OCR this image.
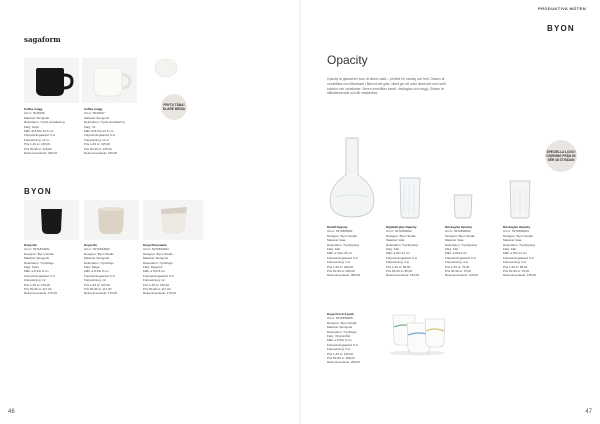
sagaform
PRYTA TÅNA! KLARE MEDIA
Coffee mugg
Art.nr: 5018196
Material: Stengods
Dekoration: Tryck/ emballering
Färg: Svart
Mått: Ø 8,5/H 10,5 cm
Förpackningsantal: 6 st
Förpackning: 12 st
Pris 1-49 st: 135,00
Pris 50-99 st: 125,00
Rekommenderat: 199,00
Coffee mugg
Art.nr: 5018197
Material: Stengods
Dekoration: Tryck/ emballering
Färg: Vit
Mått: Ø 8,5/H 10,5 cm
Förpackningsantal: 6 st
Förpackning: 12 st
Pris 1-49 st: 135,00
Pris 50-99 st: 125,00
Rekommenderat: 199,00
BYON
Kopp Ida
Art.nr: 5271834001
Designer: Byon Studio
Material: Stengods
Dekoration: Tryck/logo
Färg: Svart
Mått: ø 8,3/H 8 cm
Förpackningsantal: 6 st
Förpackning: 12
Pris 1-49 st: 126,00
Pris 50-99 st: 117,00
Rekommenderat: 179,00
Kopp Ida
Art.nr: 5271834002
Designer: Byon Studio
Material: Stengods
Dekoration: Tryck/logo
Färg: Beige
Mått: ø 8,3/H 8 cm
Förpackningsantal: 6 st
Förpackning: 12
Pris 1-49 st: 126,00
Pris 50-99 st: 117,00
Rekommenderat: 179,00
Kopp Rosemarie
Art.nr: 5271834004
Designer: Byon Studio
Material: Stengods
Dekoration: Tryck/logo
Färg: Beige/vit
Mått: ø 9/H 8 cm
Förpackningsantal: 6 st
Förpackning: 12
Pris 1-49 st: 126,00
Pris 50-99 st: 117,00
Rekommenderat: 179,00
46
PRODUKTIVA MÖTEN
BYON
Opacity
Opacity är glasserien som är skönt rustik – perfekt för vardag och fest. Glasen är munblåsta och tillverkade i återvunnet glas, vilket ger ett unikt utseende med små bubblor och variationer. Serien innehåller karaff, dricksglas och mugg. Glasen är välbalanserade och tål maskindisk.
SPECIELLA LOGO! GÖRNING FRÅN 80 SÉR 48 ST/SIDAN
Karaff Opacity
Art.nr: 5271856001
Designer: Byon Studio
Material: Glas
Dekoration: Tryck/gravyr
Färg: Klar
Mått: ø 11/H 26 cm
Förpackningsantal: 6 st
Förpackning: 1 st
Pris 1-49 st: 299,00
Pris 50-99 st: 289,00
Rekommenderat: 399,00
Highball glas Opacity
Art.nr: 5271856002
Designer: Byon Studio
Material: Glas
Dekoration: Tryck/gravyr
Färg: Klar
Mått: ø 8/H 12 cm
Förpackningsantal: 6 st
Förpackning: 4 st
Pris 1-49 st: 89,00
Pris 50-99 st: 85,00
Rekommenderat: 129,00
Dricksglas Opacity
Art.nr: 5271856003
Designer: Byon Studio
Material: Glas
Dekoration: Tryck/gravyr
Färg: Klar
Mått: ø 8/H 9 cm
Förpackningsantal: 6 st
Förpackning: 4 st
Pris 1-49 st: 79,00
Pris 50-99 st: 75,00
Rekommenderat: 119,00
Dricksglas Opacity
Art.nr: 5271856004
Designer: Byon Studio
Material: Glas
Dekoration: Tryck/gravyr
Färg: Klar
Mått: ø 8/H 12 cm
Förpackningsantal: 6 st
Förpackning: 4 st
Pris 1-49 st: 85,00
Pris 50-99 st: 79,00
Rekommenderat: 125,00
Kopp Fresh 3-pack
Art.nr: 5271856005
Designer: Byon Studio
Material: Stengods
Dekoration: Tryck/logo
Färg: Vit/grön/blå
Mått: ø 8,5/H 9 cm
Förpackningsantal: 6 st
Förpackning: 3 st
Pris 1-49 st: 199,00
Pris 50-99 st: 189,00
Rekommenderat: 299,00
47
